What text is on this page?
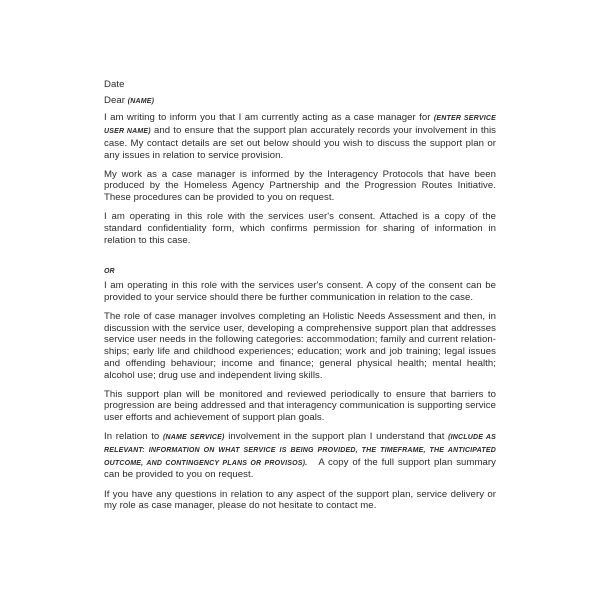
Date

Dear (NAME)

I am writing to inform you that I am currently acting as a case manager for (ENTER SERVICE USER NAME) and to ensure that the support plan accurately records your involvement in this case. My contact details are set out below should you wish to discuss the support plan or any issues in relation to service provision.

My work as a case manager is informed by the Interagency Protocols that have been produced by the Homeless Agency Partnership and the Progression Routes Initiative. These procedures can be provided to you on request.

I am operating in this role with the services user's consent. Attached is a copy of the standard confidentiality form, which confirms permission for sharing of information in relation to this case.

OR

I am operating in this role with the services user's consent. A copy of the consent can be provided to your service should there be further communication in relation to the case.

The role of case manager involves completing an Holistic Needs Assessment and then, in discussion with the service user, developing a comprehensive support plan that addresses service user needs in the following categories: accommodation; family and current relation-ships; early life and childhood experiences; education; work and job training; legal issues and offending behaviour; income and finance; general physical health; mental health; alcohol use; drug use and independent living skills.

This support plan will be monitored and reviewed periodically to ensure that barriers to progression are being addressed and that interagency communication is supporting service user efforts and achievement of support plan goals.

In relation to (NAME SERVICE) involvement in the support plan I understand that (INCLUDE AS RELEVANT: INFORMATION ON WHAT SERVICE IS BEING PROVIDED, THE TIMEFRAME, THE ANTICIPATED OUTCOME, AND CONTINGENCY PLANS OR PROVISOS). A copy of the full support plan summary can be provided to you on request.

If you have any questions in relation to any aspect of the support plan, service delivery or my role as case manager, please do not hesitate to contact me.
